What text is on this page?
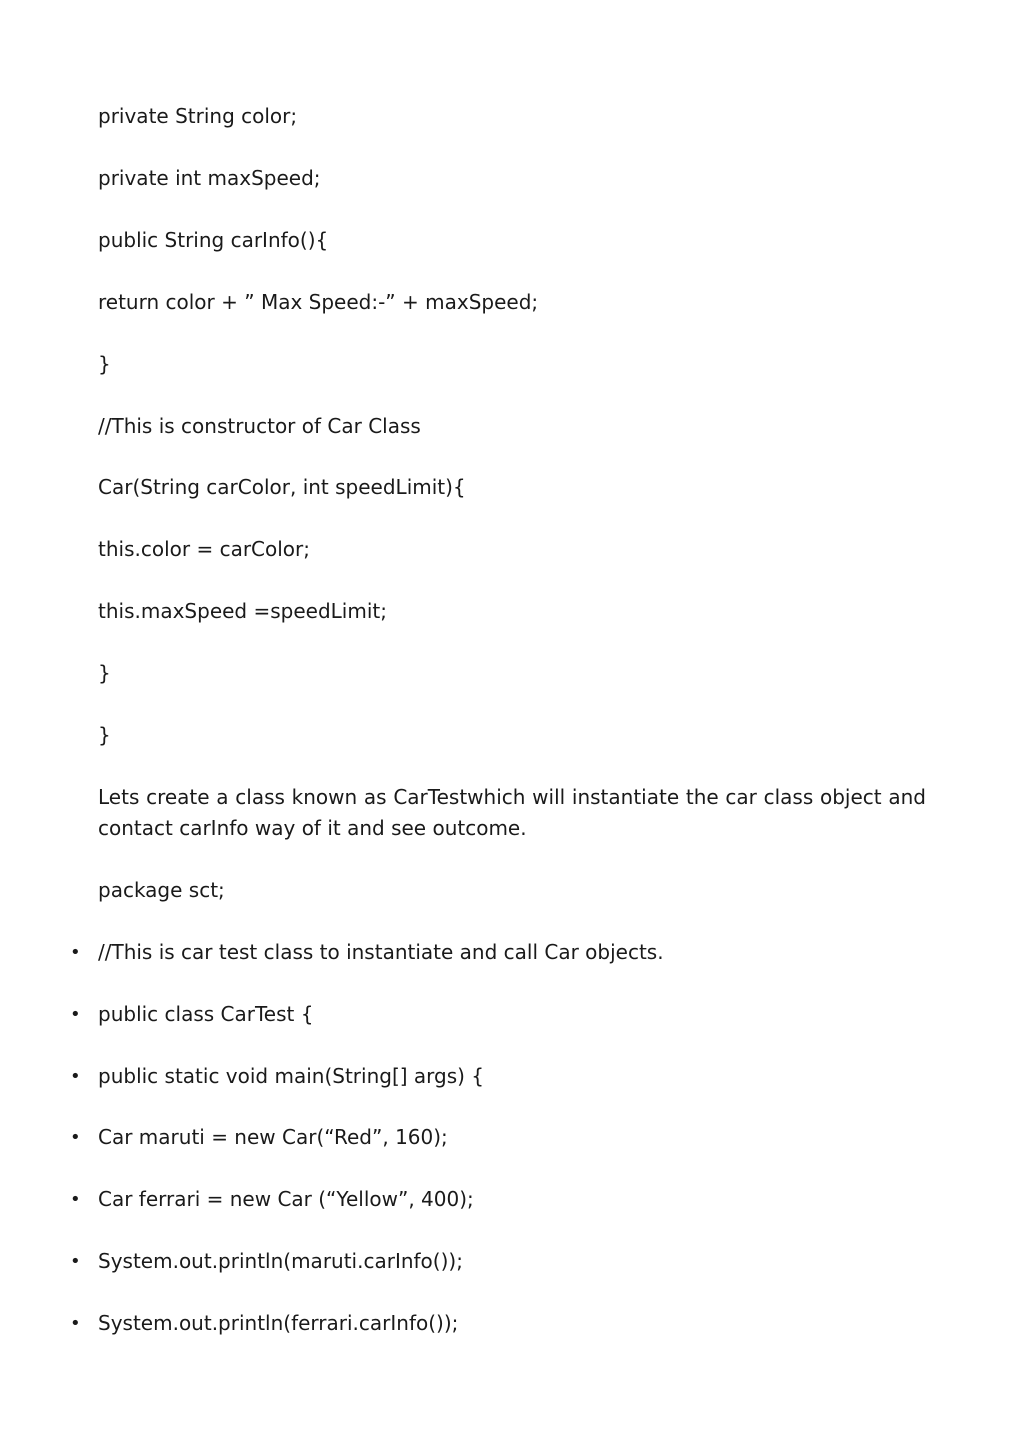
private String color;

private int maxSpeed;

public String carInfo(){

return color + ” Max Speed:-” + maxSpeed;

}

//This is constructor of Car Class

Car(String carColor, int speedLimit){

this.color = carColor;

this.maxSpeed =speedLimit;

}

}

Lets create a class known as CarTestwhich will instantiate the car class object and contact carInfo way of it and see outcome.

package sct;

• //This is car test class to instantiate and call Car objects.

• public class CarTest {

• public static void main(String[] args) {

• Car maruti = new Car(“Red”, 160);

• Car ferrari = new Car (“Yellow”, 400);

• System.out.println(maruti.carInfo());

• System.out.println(ferrari.carInfo());
